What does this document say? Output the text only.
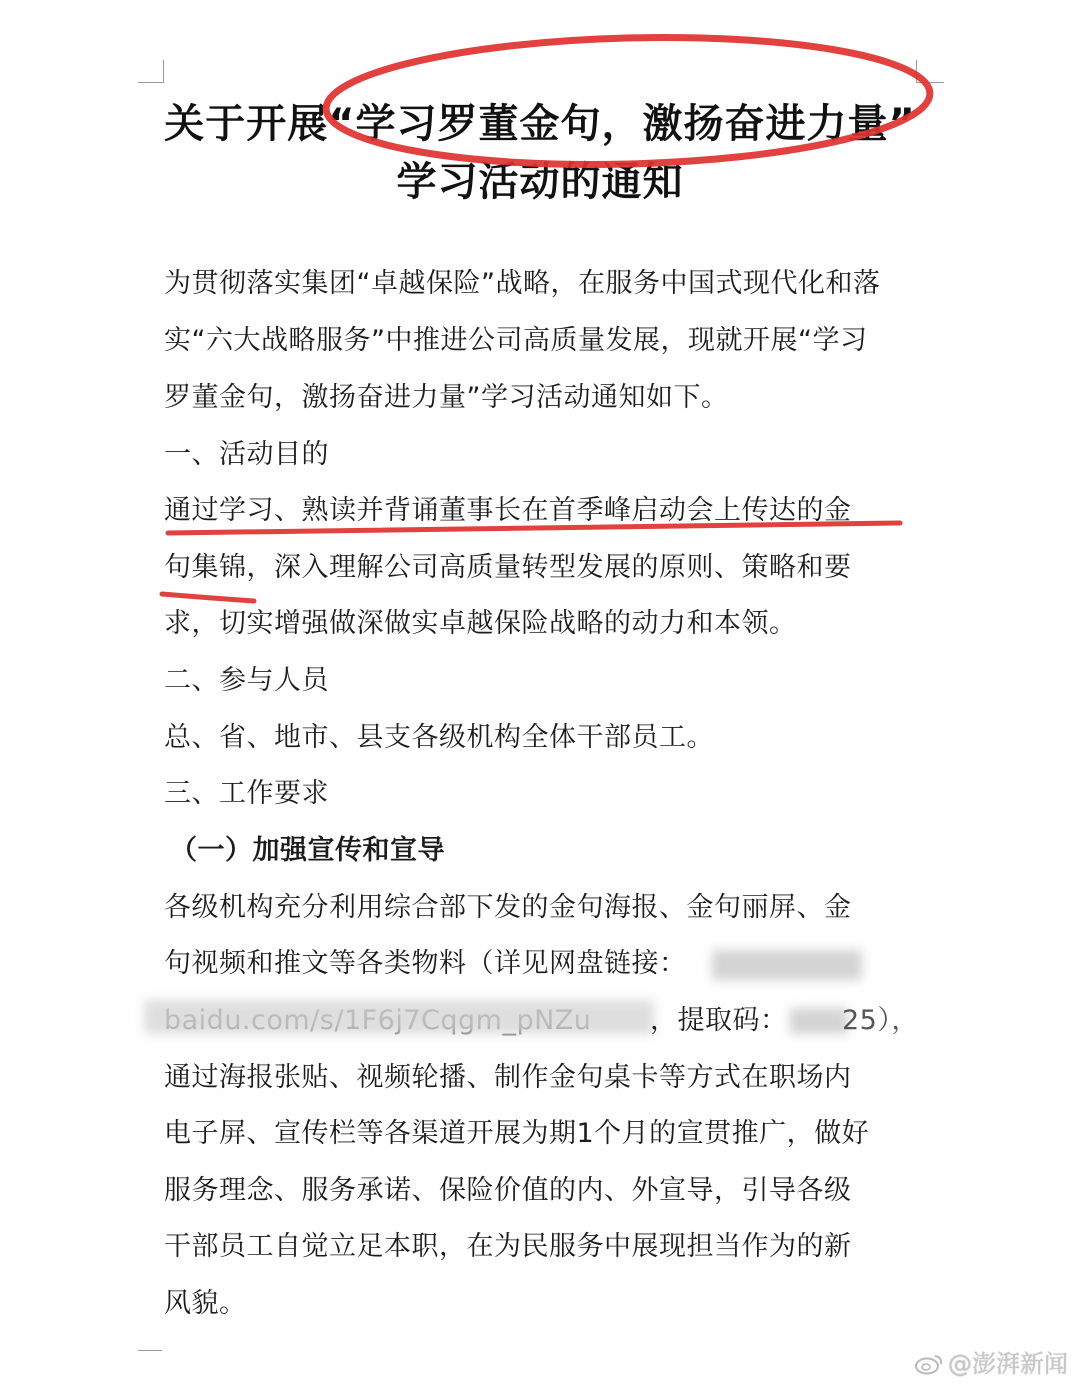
关于开展“学习罗董金句，激扬奋进力量”
学习活动的通知
为贯彻落实集团“卓越保险”战略，在服务中国式现代化和落
实“六大战略服务”中推进公司高质量发展，现就开展“学习
罗董金句，激扬奋进力量”学习活动通知如下。
一、活动目的
通过学习、熟读并背诵董事长在首季峰启动会上传达的金
句集锦，深入理解公司高质量转型发展的原则、策略和要
求，切实增强做深做实卓越保险战略的动力和本领。
二、参与人员
总、省、地市、县支各级机构全体干部员工。
三、工作要求
（一）加强宣传和宣导
各级机构充分利用综合部下发的金句海报、金句丽屏、金
句视频和推文等各类物料（详见网盘链接：
，提取码： 25），
通过海报张贴、视频轮播、制作金句桌卡等方式在职场内
电子屏、宣传栏等各渠道开展为期1个月的宣贯推广，做好
服务理念、服务承诺、保险价值的内、外宣导，引导各级
干部员工自觉立足本职，在为民服务中展现担当作为的新
风貌。
@澎湃新闻
